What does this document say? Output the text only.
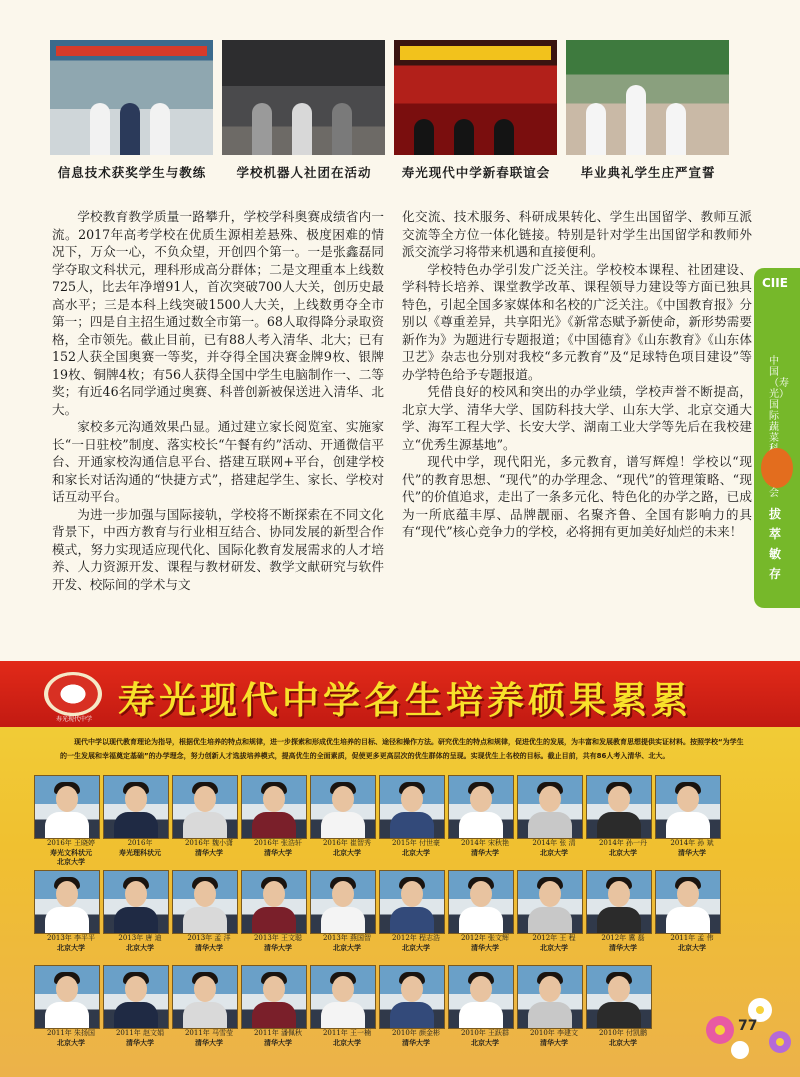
信息技术获奖学生与教练	学校机器人社团在活动	寿光现代中学新春联谊会	毕业典礼学生庄严宣誓

学校教育教学质量一路攀升，学校学科奥赛成绩省内一流。2017年高考学校在优质生源相差悬殊、极度困难的情况下，万众一心，不负众望，开创四个第一。一是张鑫磊同学夺取文科状元，理科形成高分群体；二是文理重本上线数725人，比去年净增91人，首次突破700人大关，创历史最高水平；三是本科上线突破1500人大关，上线数勇夺全市第一；四是自主招生通过数全市第一。68人取得降分录取资格，全市领先。截止目前，已有88人考入清华、北大；已有152人获全国奥赛一等奖，并夺得全国决赛金牌9枚、银牌19枚、铜牌4枚；有56人获得全国中学生电脑制作一、二等奖；有近46名同学通过奥赛、科普创新被保送进入清华、北大。

家校多元沟通效果凸显。通过建立家长阅览室、实施家长“一日驻校”制度、落实校长“午餐有约”活动、开通微信平台、开通家校沟通信息平台、搭建互联网+平台，创建学校和家长对话沟通的“快捷方式”，搭建起学生、家长、学校对话互动平台。

为进一步加强与国际接轨，学校将不断探索在不同文化背景下，中西方教育与行业相互结合、协同发展的新型合作模式，努力实现适应现代化、国际化教育发展需求的人才培养、人力资源开发、课程与教材研发、教学文献研究与软件开发、校际间的学术与文

化交流、技术服务、科研成果转化、学生出国留学、教师互派交流等全方位一体化链接。特别是针对学生出国留学和教师外派交流学习将带来机遇和直接便利。

学校特色办学引发广泛关注。学校校本课程、社团建设、学科特长培养、课堂教学改革、课程领导力建设等方面已独具特色，引起全国多家媒体和名校的广泛关注。《中国教育报》分别以《尊重差异，共享阳光》《新常态赋予新使命，新形势需要新作为》为题进行专题报道；《中国德育》《山东教育》《山东体卫艺》杂志也分别对我校“多元教育”及“足球特色项目建设”等办学特色给予专题报道。

凭借良好的校风和突出的办学业绩，学校声誉不断提高，北京大学、清华大学、国防科技大学、山东大学、北京交通大学、海军工程大学、长安大学、湖南工业大学等先后在我校建立“优秀生源基地”。

现代中学，现代阳光，多元教育，谱写辉煌！学校以“现代”的教育思想、“现代”的办学理念、“现代”的管理策略、“现代”的价值追求，走出了一条多元化、特色化的办学之路，已成为一所底蕴丰厚、品牌靓丽、名聚齐鲁、全国有影响力的具有“现代”核心竞争力的学校，必将拥有更加美好灿烂的未来！

CIIE
中国（寿光）国际蔬菜 会
拔 萃 敏 存
寿光现代中学 寿光现代中学名生培养硕果累累
现代中学以现代教育理论为指导，根据优生培养的特点和规律，进一步探索和形成优生培养的目标、途径和操作方法。研究优生的特点和规律，促进优生的发展，为丰富和发展教育思想提供实证材料。按照学校“为学生的一生发展和幸福奠定基础”的办学理念，努力创新人才选拔培养模式，提高优生的全面素质，促使更多更高层次的优生群体的呈现。实现优生上名校的目标。截止目前，共有86人考入清华、北大。
2016年 王晓婷
寿光文科状元
北京大学
2016年
寿光理科状元
2016年 魏小潇
清华大学
2016年 张浩轩
清华大学
2016年 崔智秀
北京大学
2015年 付世豪
北京大学
2014年 宋秋艳
清华大学
2014年 张 清
北京大学
2014年 孙一丹
北京大学
2014年 孙 斌
清华大学
2013年 李平平
北京大学
2013年 唐 迪
北京大学
2013年 孟 洋
清华大学
2013年 王文聪
清华大学
2013年 燕国智
北京大学
2012年 程志浩
北京大学
2012年 张文辉
清华大学
2012年 王 程
北京大学
2012年 冀 磊
清华大学
2011年 孟 伟
北京大学
2011年 朱扬国
北京大学
2011年 赵文娟
清华大学
2011年 马雪莹
清华大学
2011年 潘佩秋
清华大学
2011年 王一楠
北京大学
2010年 颜金彬
清华大学
2010年 王跃群
北京大学
2010年 李建文
清华大学
2010年 付凯鹏
北京大学
77
